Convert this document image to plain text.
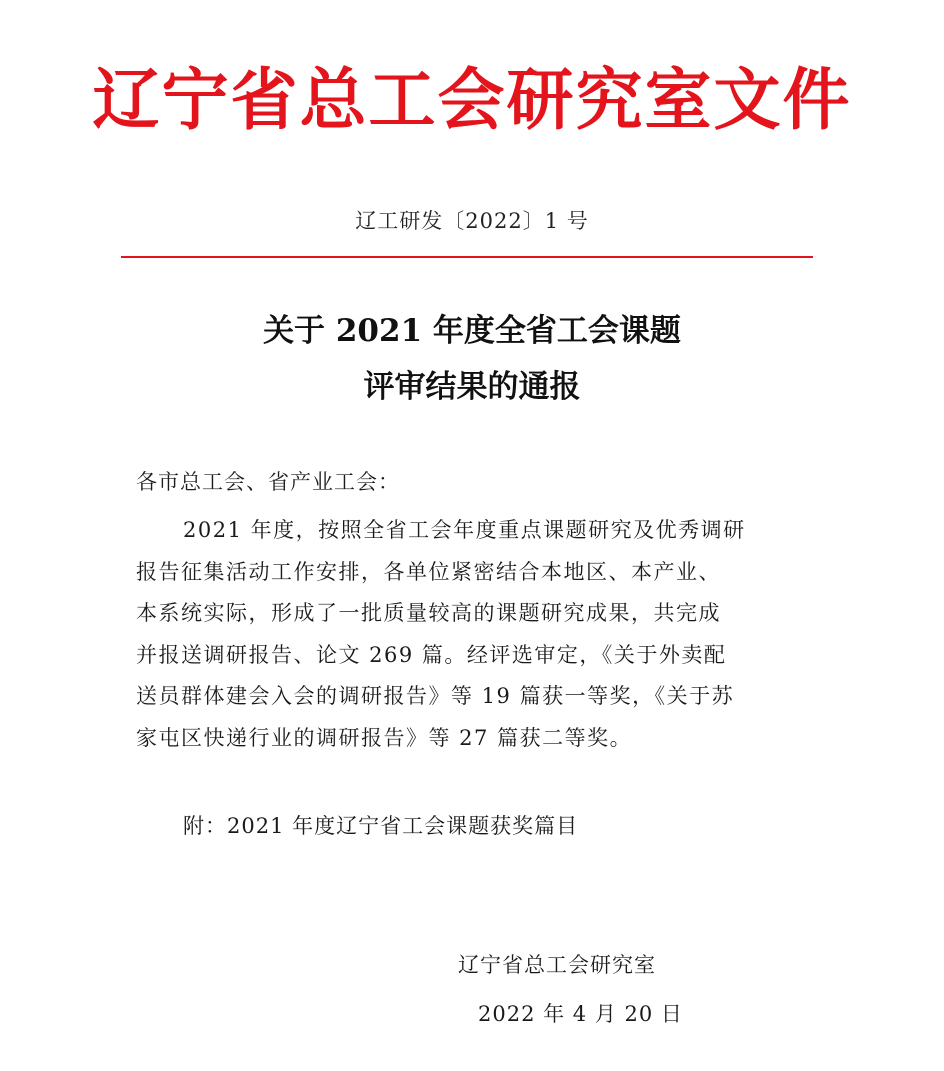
辽宁省总工会研究室文件
辽工研发〔2022〕1 号
关于 2021 年度全省工会课题
评审结果的通报
各市总工会、省产业工会：
2021 年度，按照全省工会年度重点课题研究及优秀调研
报告征集活动工作安排，各单位紧密结合本地区、本产业、
本系统实际，形成了一批质量较高的课题研究成果，共完成
并报送调研报告、论文 269 篇。经评选审定，《关于外卖配
送员群体建会入会的调研报告》等 19 篇获一等奖，《关于苏
家屯区快递行业的调研报告》等 27 篇获二等奖。
附：2021 年度辽宁省工会课题获奖篇目
辽宁省总工会研究室
2022 年 4 月 20 日
